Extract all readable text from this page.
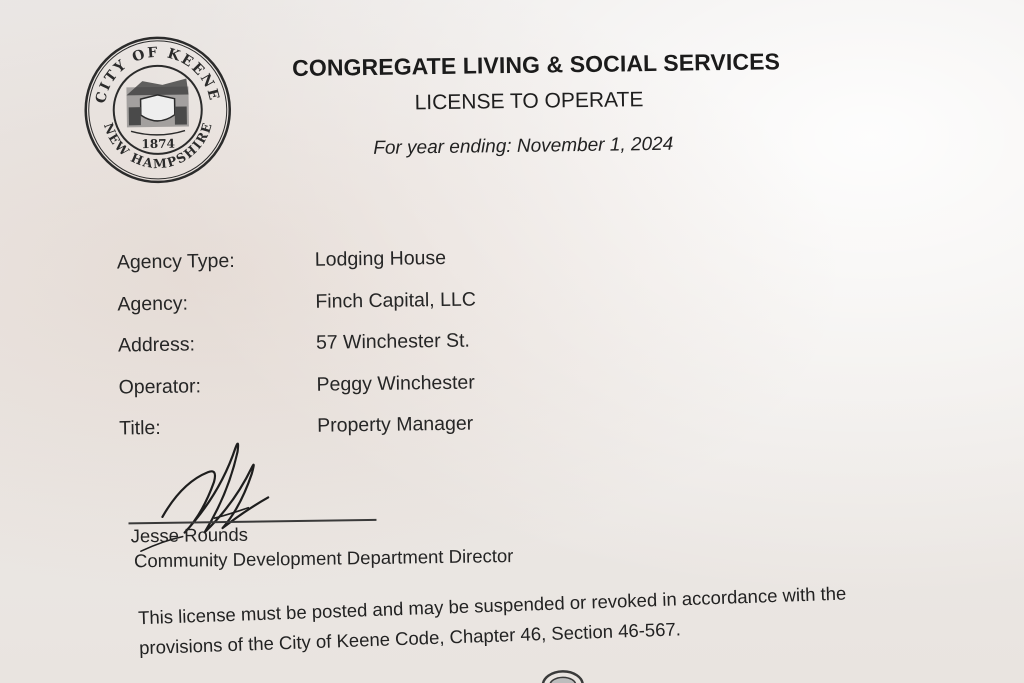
CITY OF KEENE
NEW HAMPSHIRE
1874
CONGREGATE LIVING & SOCIAL SERVICES
LICENSE TO OPERATE
For year ending: November 1, 2024
Agency Type:	Lodging House
Agency:	Finch Capital, LLC
Address:	57 Winchester St.
Operator:	Peggy Winchester
Title:	Property Manager
Jesse Rounds
Community Development Department Director
This license must be posted and may be suspended or revoked in accordance with the
provisions of the City of Keene Code, Chapter 46, Section 46-567.
